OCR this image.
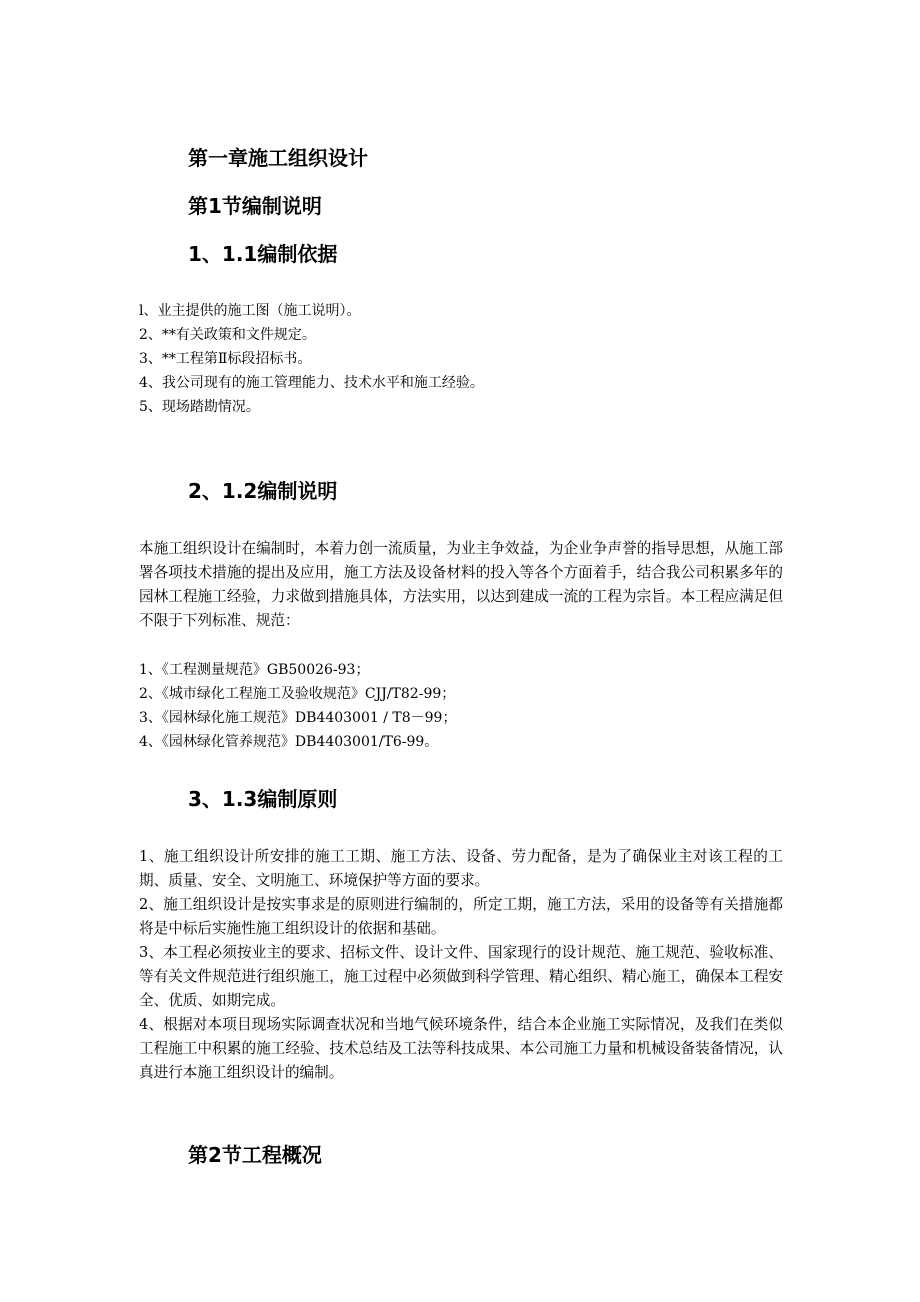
第一章施工组织设计
第1节编制说明
1、1.1编制依据

l、业主提供的施工图（施工说明）。

2、**有关政策和文件规定。

3、**工程第Ⅱ标段招标书。

4、我公司现有的施工管理能力、技术水平和施工经验。

5、现场踏勘情况。

2、1.2编制说明

本施工组织设计在编制时，本着力创一流质量，为业主争效益，为企业争声誉的指导思想，从施工部署各项技术措施的提出及应用，施工方法及设备材料的投入等各个方面着手，结合我公司积累多年的园林工程施工经验，力求做到措施具体，方法实用，以达到建成一流的工程为宗旨。本工程应满足但不限于下列标准、规范：

1、《工程测量规范》GB50026-93；

2、《城市绿化工程施工及验收规范》CJJ/T82-99；

3、《园林绿化施工规范》DB4403001 / T8－99；

4、《园林绿化管养规范》DB4403001/T6-99。

3、1.3编制原则

1、施工组织设计所安排的施工工期、施工方法、设备、劳力配备，是为了确保业主对该工程的工期、质量、安全、文明施工、环境保护等方面的要求。

2、施工组织设计是按实事求是的原则进行编制的，所定工期，施工方法，采用的设备等有关措施都将是中标后实施性施工组织设计的依据和基础。

3、本工程必须按业主的要求、招标文件、设计文件、国家现行的设计规范、施工规范、验收标准、等有关文件规范进行组织施工，施工过程中必须做到科学管理、精心组织、精心施工，确保本工程安全、优质、如期完成。

4、根据对本项目现场实际调查状况和当地气候环境条件，结合本企业施工实际情况，及我们在类似工程施工中积累的施工经验、技术总结及工法等科技成果、本公司施工力量和机械设备装备情况，认真进行本施工组织设计的编制。

第2节工程概况
